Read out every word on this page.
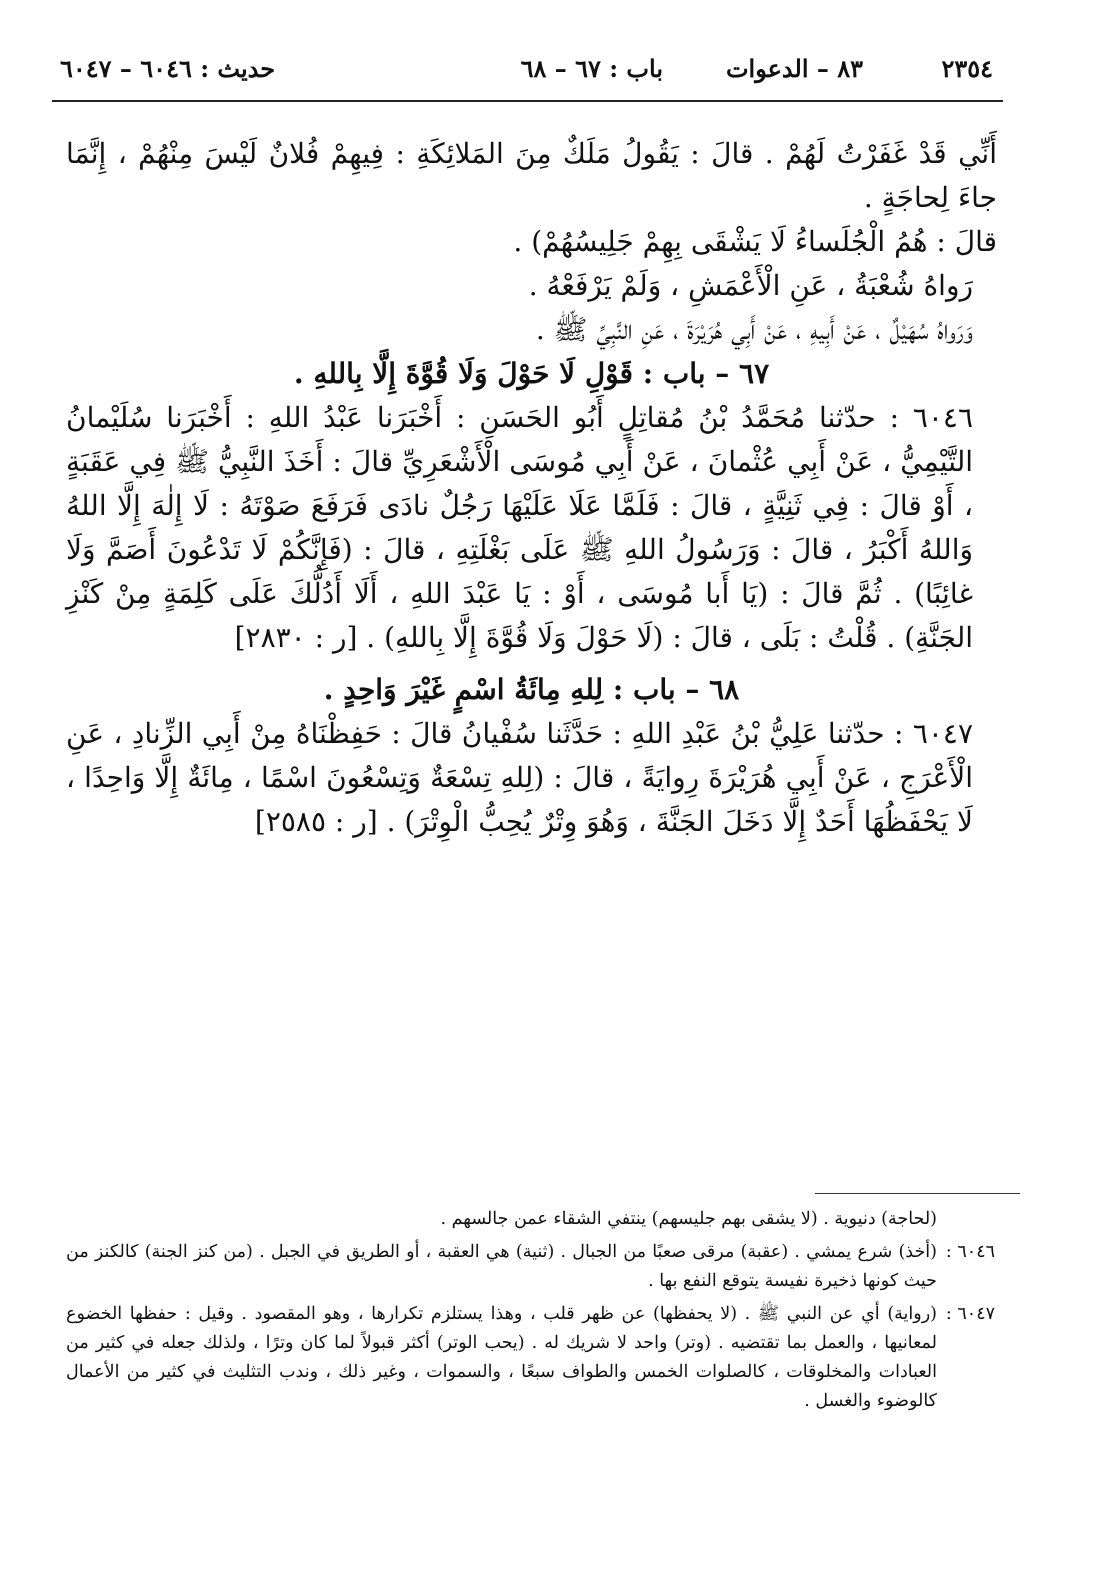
٢٣٥٤
٨٣ – الدعوات
باب : ٦٧ – ٦٨
حديث : ٦٠٤٦ – ٦٠٤٧

أَنِّي قَدْ غَفَرْتُ لَهُمْ . قالَ : يَقُولُ مَلَكٌ مِنَ المَلائِكَةِ : فِيهِمْ فُلانٌ لَيْسَ مِنْهُمْ ، إِنَّمَا جاءَ لِحاجَةٍ .

قالَ : هُمُ الْجُلَساءُ لَا يَشْقَى بِهِمْ جَلِيسُهُمْ) .

رَواهُ شُعْبَةُ ، عَنِ الْأَعْمَشِ ، وَلَمْ يَرْفَعْهُ .

وَرَواهُ سُهَيْلٌ ، عَنْ أَبِيهِ ، عَنْ أَبِي هُرَيْرَةَ ، عَنِ النَّبِيِّ ﷺ .

٦٧ – باب : قَوْلِ لَا حَوْلَ وَلَا قُوَّةَ إِلَّا بِاللهِ .

٦٠٤٦ : حدّثنا مُحَمَّدُ بْنُ مُقاتِلٍ أَبُو الحَسَنِ : أَخْبَرَنا عَبْدُ اللهِ : أَخْبَرَنا سُلَيْمانُ التَّيْمِيُّ ، عَنْ أَبِي عُثْمانَ ، عَنْ أَبِي مُوسَى الْأَشْعَرِيِّ قالَ : أَخَذَ النَّبِيُّ ﷺ فِي عَقَبَةٍ ، أَوْ قالَ : فِي ثَنِيَّةٍ ، قالَ : فَلَمَّا عَلَا عَلَيْهَا رَجُلٌ نادَى فَرَفَعَ صَوْتَهُ : لَا إِلٰهَ إِلَّا اللهُ وَاللهُ أَكْبَرُ ، قالَ : وَرَسُولُ اللهِ ﷺ عَلَى بَغْلَتِهِ ، قالَ : (فَإِنَّكُمْ لَا تَدْعُونَ أَصَمَّ وَلَا غائِبًا) . ثُمَّ قالَ : (يَا أَبا مُوسَى ، أَوْ : يَا عَبْدَ اللهِ ، أَلَا أَدُلُّكَ عَلَى كَلِمَةٍ مِنْ كَنْزِ الجَنَّةِ) . قُلْتُ : بَلَى ، قالَ : (لَا حَوْلَ وَلَا قُوَّةَ إِلَّا بِاللهِ) . [ر : ٢٨٣٠]

٦٨ – باب : لِلهِ مِائَةُ اسْمٍ غَيْرَ وَاحِدٍ .

٦٠٤٧ : حدّثنا عَلِيُّ بْنُ عَبْدِ اللهِ : حَدَّثَنا سُفْيانُ قالَ : حَفِظْنَاهُ مِنْ أَبِي الزِّنادِ ، عَنِ الْأَعْرَجِ ، عَنْ أَبِي هُرَيْرَةَ رِوايَةً ، قالَ : (لِلهِ تِسْعَةٌ وَتِسْعُونَ اسْمًا ، مِائَةٌ إِلَّا وَاحِدًا ، لَا يَحْفَظُهَا أَحَدٌ إِلَّا دَخَلَ الجَنَّةَ ، وَهُوَ وِتْرٌ يُحِبُّ الْوِتْرَ) . [ر : ٢٥٨٥]

(لحاجة) دنيوية . (لا يشقى بهم جليسهم) ينتفي الشقاء عمن جالسهم .
٦٠٤٦ :
(أخذ) شرع يمشي . (عقبة) مرقى صعبًا من الجبال . (ثنية) هي العقبة ، أو الطريق في الجبل . (من كنز الجنة) كالكنز من حيث كونها ذخيرة نفيسة يتوقع النفع بها .
٦٠٤٧ :
(رواية) أي عن النبي ﷺ . (لا يحفظها) عن ظهر قلب ، وهذا يستلزم تكرارها ، وهو المقصود . وقيل : حفظها الخضوع لمعانيها ، والعمل بما تقتضيه . (وتر) واحد لا شريك له . (يحب الوتر) أكثر قبولاً لما كان وترًا ، ولذلك جعله في كثير من العبادات والمخلوقات ، كالصلوات الخمس والطواف سبعًا ، والسموات ، وغير ذلك ، وندب التثليث في كثير من الأعمال كالوضوء والغسل .
